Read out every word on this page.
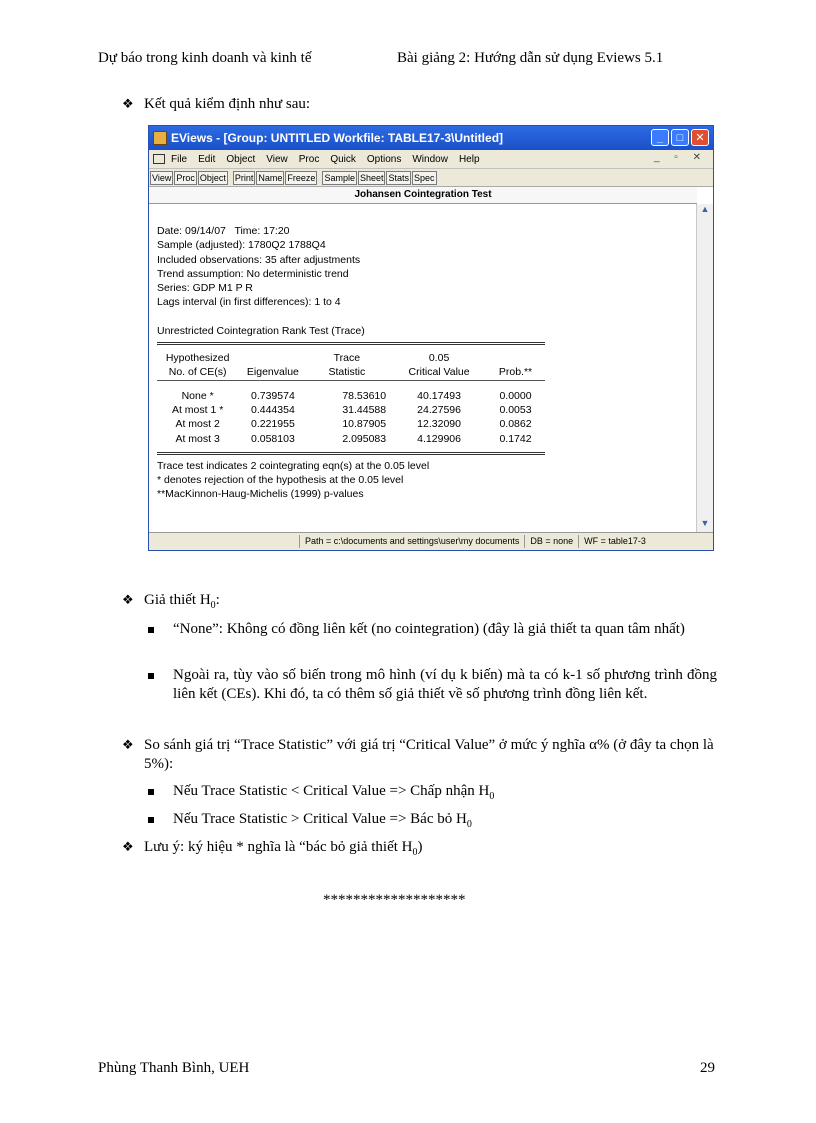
Dự báo trong kinh doanh và kinh tế	Bài giảng 2: Hướng dẫn sử dụng Eviews 5.1
❖ Kết quả kiểm định như sau:
EViews - [Group: UNTITLED Workfile: TABLE17-3\Untitled]	_	□	✕
File Edit Object View Proc Quick Options Window Help	_ ▫ ✕
View Proc Object Print Name Freeze Sample Sheet Stats Spec
Johansen Cointegration Test
Date: 09/14/07   Time: 17:20
Sample (adjusted): 1780Q2 1788Q4
Included observations: 35 after adjustments
Trend assumption: No deterministic trend
Series: GDP M1 P R
Lags interval (in first differences): 1 to 4
Unrestricted Cointegration Rank Test (Trace)

Hypothesized		Trace	0.05	
No. of CE(s)	Eigenvalue	Statistic	Critical Value	Prob.**

None *	0.739574	78.53610	40.17493	0.0000
At most 1 *	0.444354	31.44588	24.27596	0.0053
At most 2	0.221955	10.87905	12.32090	0.0862
At most 3	0.058103	2.095083	4.129906	0.1742

Trace test indicates 2 cointegrating eqn(s) at the 0.05 level
* denotes rejection of the hypothesis at the 0.05 level
**MacKinnon-Haug-Michelis (1999) p-values
▲
▼
Path = c:\documents and settings\user\my documents	DB = none	WF = table17-3
❖ Giả thiết $H_0$:
“None”: Không có đồng liên kết (no cointegration) (đây là giả thiết ta quan tâm nhất)
Ngoài ra, tùy vào số biến trong mô hình (ví dụ k biến) mà ta có k-1 số phương trình đồng liên kết (CEs). Khi đó, ta có thêm số giả thiết về số phương trình đồng liên kết.
❖ So sánh giá trị “Trace Statistic” với giá trị “Critical Value” ở mức ý nghĩa α% (ở đây ta chọn là 5%):
Nếu Trace Statistic < Critical Value => Chấp nhận $H_0$
Nếu Trace Statistic > Critical Value => Bác bỏ $H_0$
❖ Lưu ý: ký hiệu * nghĩa là “bác bỏ giả thiết $H_0$)
*******************
Phùng Thanh Bình, UEH	29
